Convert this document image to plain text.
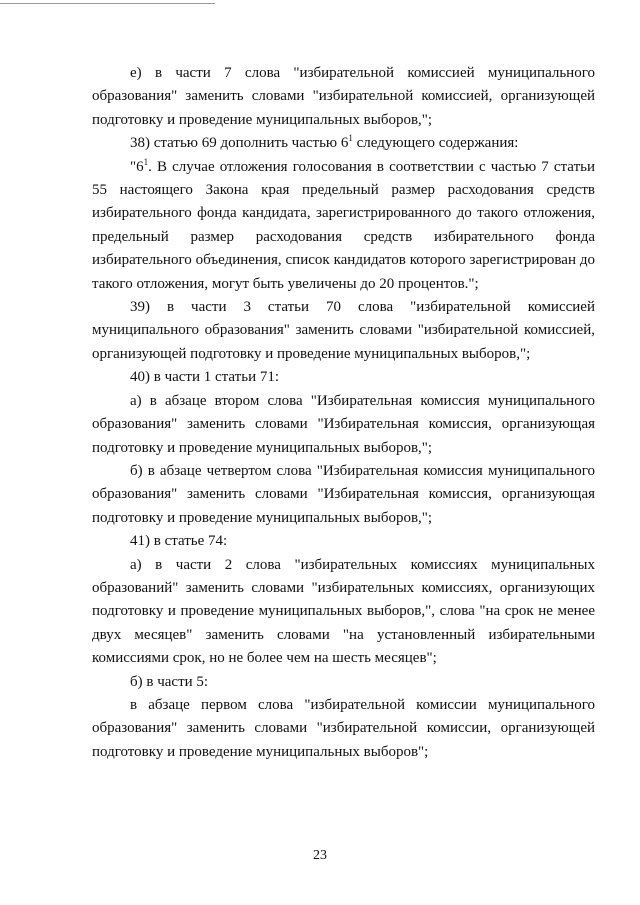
е) в части 7 слова "избирательной комиссией муниципального образования" заменить словами "избирательной комиссией, организующей подготовку и проведение муниципальных выборов,";

38) статью 69 дополнить частью $6^1$ следующего содержания:

"$6^1$. В случае отложения голосования в соответствии с частью 7 статьи 55 настоящего Закона края предельный размер расходования средств избирательного фонда кандидата, зарегистрированного до такого отложения, предельный размер расходования средств избирательного фонда избирательного объединения, список кандидатов которого зарегистрирован до такого отложения, могут быть увеличены до 20 процентов.";

39) в части 3 статьи 70 слова "избирательной комиссией муниципального образования" заменить словами "избирательной комиссией, организующей подготовку и проведение муниципальных выборов,";

40) в части 1 статьи 71:

а) в абзаце втором слова "Избирательная комиссия муниципального образования" заменить словами "Избирательная комиссия, организующая подготовку и проведение муниципальных выборов,";

б) в абзаце четвертом слова "Избирательная комиссия муниципального образования" заменить словами "Избирательная комиссия, организующая подготовку и проведение муниципальных выборов,";

41) в статье 74:

а) в части 2 слова "избирательных комиссиях муниципальных образований" заменить словами "избирательных комиссиях, организующих подготовку и проведение муниципальных выборов,", слова "на срок не менее двух месяцев" заменить словами "на установленный избирательными комиссиями срок, но не более чем на шесть месяцев";

б) в части 5:

в абзаце первом слова "избирательной комиссии муниципального образования" заменить словами "избирательной комиссии, организующей подготовку и проведение муниципальных выборов";

23
